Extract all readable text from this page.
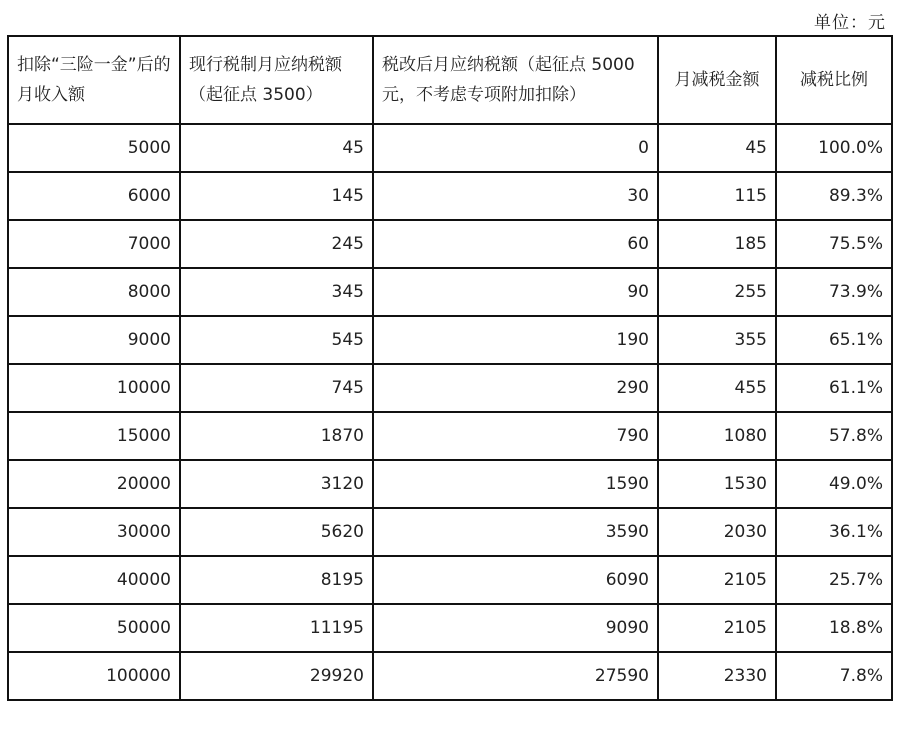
单位：元
扣除“三险一金”后的月收入额	现行税制月应纳税额（起征点 3500）	税改后月应纳税额（起征点 5000 元，不考虑专项附加扣除）	月减税金额	减税比例
5000	45	0	45	100.0%
6000	145	30	115	89.3%
7000	245	60	185	75.5%
8000	345	90	255	73.9%
9000	545	190	355	65.1%
10000	745	290	455	61.1%
15000	1870	790	1080	57.8%
20000	3120	1590	1530	49.0%
30000	5620	3590	2030	36.1%
40000	8195	6090	2105	25.7%
50000	11195	9090	2105	18.8%
100000	29920	27590	2330	7.8%
